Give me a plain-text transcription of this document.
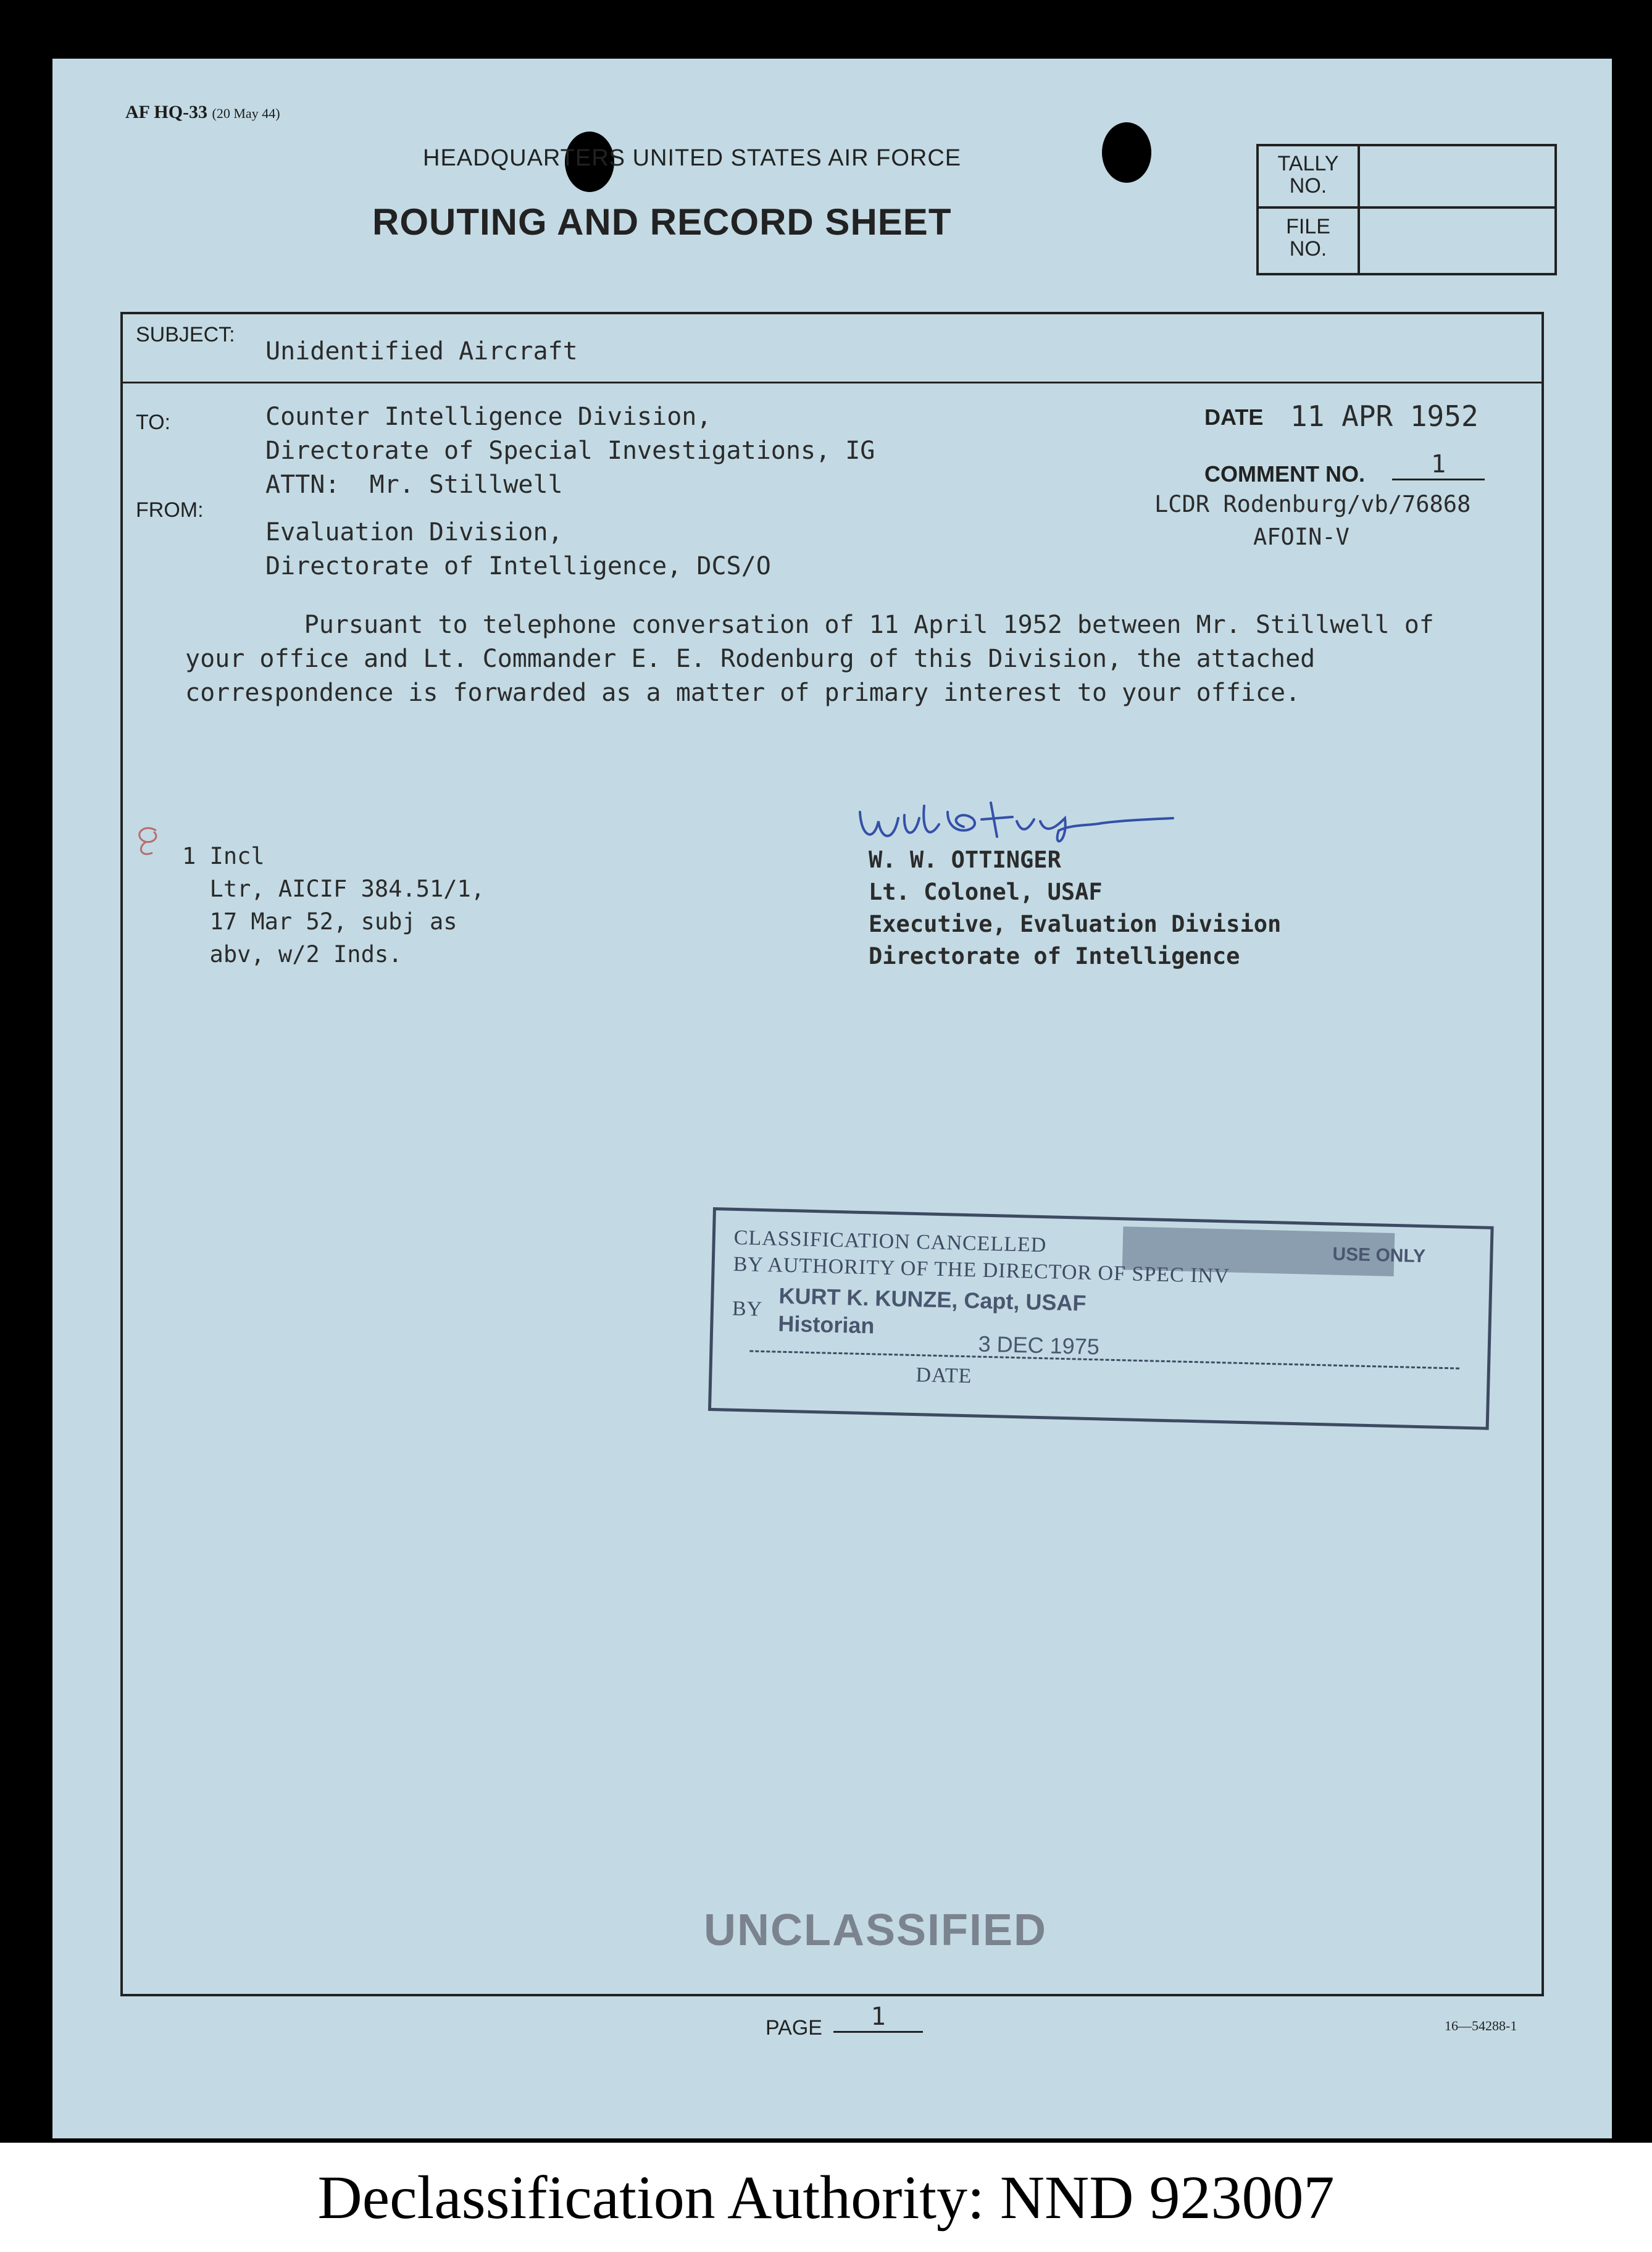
AF HQ-33 (20 May 44)
HEADQUARTERS UNITED STATES AIR FORCE
ROUTING AND RECORD SHEET
TALLY
NO.
FILE
NO.
SUBJECT:
Unidentified Aircraft
TO:	Counter Intelligence Division,
Directorate of Special Investigations, IG
ATTN:  Mr. Stillwell
FROM:
Evaluation Division,
Directorate of Intelligence, DCS/O
DATE 11 APR 1952
COMMENT NO.	1
LCDR Rodenburg/vb/76868
AFOIN-V
Pursuant to telephone conversation of 11 April 1952 between Mr. Stillwell of
your office and Lt. Commander E. E. Rodenburg of this Division, the attached
correspondence is forwarded as a matter of primary interest to your office.
1 Incl
Ltr, AICIF 384.51/1,
17 Mar 52, subj as
abv, w/2 Inds.
W. W. OTTINGER
Lt. Colonel, USAF
Executive, Evaluation Division
Directorate of Intelligence
CLASSIFICATION CANCELLED
BY AUTHORITY OF THE DIRECTOR OF SPEC INV	USE ONLY
BY KURT K. KUNZE, Capt, USAF
Historian
3 DEC 1975
DATE
UNCLASSIFIED
PAGE	1	16—54288-1
Declassification Authority: NND 923007
